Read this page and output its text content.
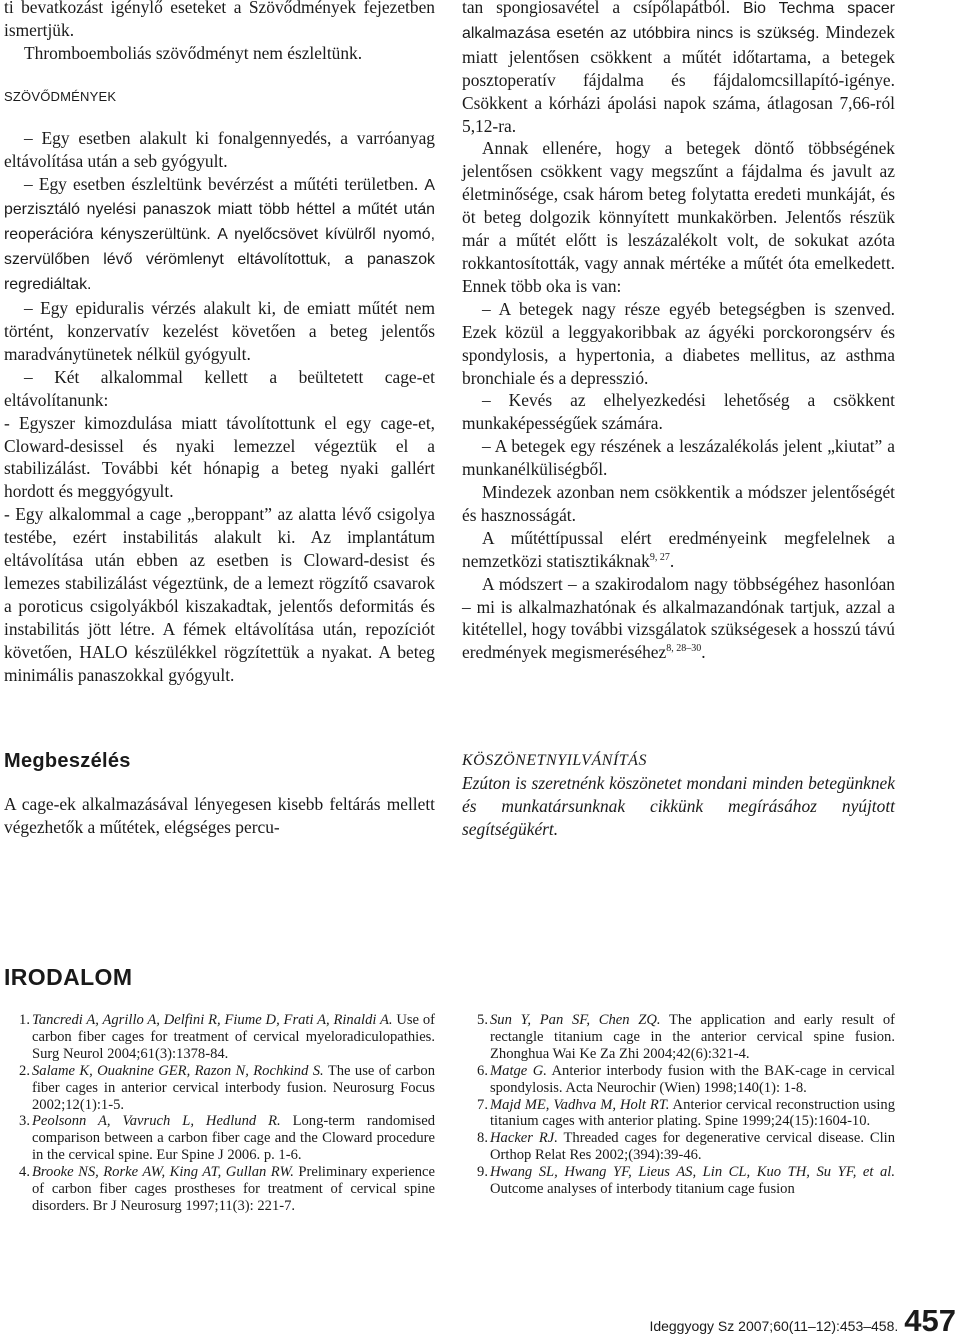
ti bevatkozást igénylő eseteket a Szövődmények fejezetben ismertjük.

Thromboemboliás szövődményt nem észleltünk.

SZÖVŐDMÉNYEK

– Egy esetben alakult ki fonalgennyedés, a varróanyag eltávolítása után a seb gyógyult.

– Egy esetben észleltünk bevérzést a műtéti területben. A perzisztáló nyelési panaszok miatt több héttel a műtét után reoperációra kényszerültünk. A nyelőcsövet kívülről nyomó, szervülőben lévő vérömlenyt eltávolítottuk, a panaszok regrediáltak.

– Egy epiduralis vérzés alakult ki, de emiatt műtét nem történt, konzervatív kezelést követően a beteg jelentős maradványtünetek nélkül gyógyult.

– Két alkalommal kellett a beültetett cage-et eltávolítanunk:

- Egyszer kimozdulása miatt távolítottunk el egy cage-et, Cloward-desissel és nyaki lemezzel végeztük el a stabilizálást. További két hónapig a beteg nyaki gallért hordott és meggyógyult.

- Egy alkalommal a cage „beroppant” az alatta lévő csigolya testébe, ezért instabilitás alakult ki. Az implantátum eltávolítása után ebben az esetben is Cloward-desist és lemezes stabilizálást végeztünk, de a lemezt rögzítő csavarok a poroticus csigolyákból kiszakadtak, jelentős deformitás és instabilitás jött létre. A fémek eltávolítása után, repozíciót követően, HALO készülékkel rögzítettük a nyakat. A beteg minimális panaszokkal gyógyult.

tan spongiosavétel a csípőlapátból. Bio Techma spacer alkalmazása esetén az utóbbira nincs is szükség. Mindezek miatt jelentősen csökkent a műtét időtartama, a betegek posztoperatív fájdalma és fájdalomcsillapító-igénye. Csökkent a kórházi ápolási napok száma, átlagosan 7,66-ról 5,12-ra.

Annak ellenére, hogy a betegek döntő többségének jelentősen csökkent vagy megszűnt a fájdalma és javult az életminősége, csak három beteg folytatta eredeti munkáját, és öt beteg dolgozik könnyített munkakörben. Jelentős részük már a műtét előtt is leszázalékolt volt, de sokukat azóta rokkantosították, vagy annak mértéke a műtét óta emelkedett. Ennek több oka is van:

– A betegek nagy része egyéb betegségben is szenved. Ezek közül a leggyakoribbak az ágyéki porckorongsérv és spondylosis, a hypertonia, a diabetes mellitus, az asthma bronchiale és a depresszió.

– Kevés az elhelyezkedési lehetőség a csökkent munkaképességűek számára.

– A betegek egy részének a leszázalékolás jelent „kiutat” a munkanélküliségből.

Mindezek azonban nem csökkentik a módszer jelentőségét és hasznosságát.

A műtéttípussal elért eredményeink megfelelnek a nemzetközi statisztikáknak$^{9, 27}$.

A módszert – a szakirodalom nagy többségéhez hasonlóan – mi is alkalmazhatónak és alkalmazandónak tartjuk, azzal a kitétellel, hogy további vizsgálatok szükségesek a hosszú távú eredmények megismeréséhez$^{8, 28-30}$.

Megbeszélés

A cage-ek alkalmazásával lényegesen kisebb feltárás mellett végezhetők a műtétek, elégséges percu-

KÖSZÖNETNYILVÁNÍTÁS

Ezúton is szeretnénk köszönetet mondani minden betegünknek és munkatársunknak cikkünk megírásához nyújtott segítségükért.

IRODALOM
1. Tancredi A, Agrillo A, Delfini R, Fiume D, Frati A, Rinaldi A. Use of carbon fiber cages for treatment of cervical myeloradiculopathies. Surg Neurol 2004;61(3):1378-84.
2. Salame K, Ouaknine GER, Razon N, Rochkind S. The use of carbon fiber cages in anterior cervical interbody fusion. Neurosurg Focus 2002;12(1):1-5.
3. Peolsonn A, Vavruch L, Hedlund R. Long-term randomised comparison between a carbon fiber cage and the Cloward procedure in the cervical spine. Eur Spine J 2006. p. 1-6.
4. Brooke NS, Rorke AW, King AT, Gullan RW. Preliminary experience of carbon fiber cages prostheses for treatment of cervical spine disorders. Br J Neurosurg 1997;11(3): 221-7.
5. Sun Y, Pan SF, Chen ZQ. The application and early result of rectangle titanium cage in the anterior cervical spine fusion. Zhonghua Wai Ke Za Zhi 2004;42(6):321-4.
6. Matge G. Anterior interbody fusion with the BAK-cage in cervical spondylosis. Acta Neurochir (Wien) 1998;140(1): 1-8.
7. Majd ME, Vadhva M, Holt RT. Anterior cervical reconstruction using titanium cages with anterior plating. Spine 1999;24(15):1604-10.
8. Hacker RJ. Threaded cages for degenerative cervical disease. Clin Orthop Relat Res 2002;(394):39-46.
9. Hwang SL, Hwang YF, Lieus AS, Lin CL, Kuo TH, Su YF, et al. Outcome analyses of interbody titanium cage fusion
Ideggyogy Sz 2007;60(11–12):453–458. 457
